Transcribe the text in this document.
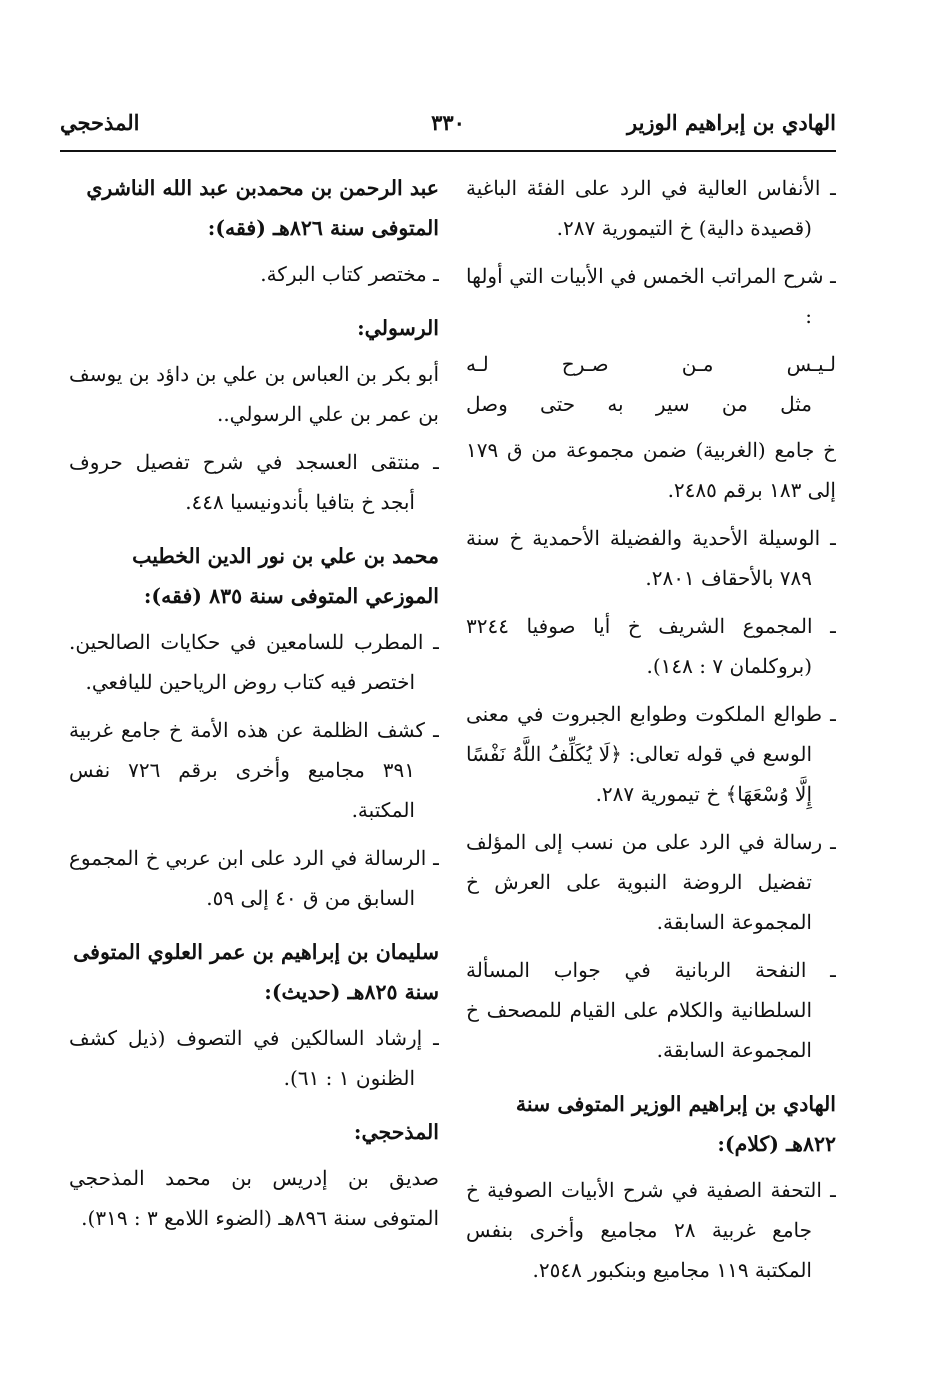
الهادي بن إبراهيم الوزير
٣٣٠
المذحجي

ـ الأنفاس العالية في الرد على الفئة الباغية (قصيدة دالية) خ التيمورية ٢٨٧.

ـ شرح المراتب الخمس في الأبيات التي أولها :

لـيـس مـن صـرح لـه
مثل من سير به حتى وصل

خ جامع (الغربية) ضمن مجموعة من ق ١٧٩ إلى ١٨٣ برقم ٢٤٨٥.

ـ الوسيلة الأحدية والفضيلة الأحمدية خ سنة ٧٨٩ بالأحقاف ٢٨٠١.

ـ المجموع الشريف خ أيا صوفيا ٣٢٤٤ (بروكلمان ٧ : ١٤٨).

ـ طوالع الملكوت وطوابع الجبروت في معنى الوسع في قوله تعالى: ﴿لَا يُكَلِّفُ اللَّهُ نَفْسًا إِلَّا وُسْعَهَا﴾ خ تيمورية ٢٨٧.

ـ رسالة في الرد على من نسب إلى المؤلف تفضيل الروضة النبوية على العرش خ المجموعة السابقة.

ـ النفحة الربانية في جواب المسألة السلطانية والكلام على القيام للمصحف خ المجموعة السابقة.

الهادي بن إبراهيم الوزير المتوفى سنة ٨٢٢هـ (كلام):

ـ التحفة الصفية في شرح الأبيات الصوفية خ جامع غربية ٢٨ مجاميع وأخرى بنفس المكتبة ١١٩ مجاميع وبنكبور ٢٥٤٨.

عبد الرحمن بن محمدبن عبد الله الناشري المتوفى سنة ٨٢٦هـ (فقه):

ـ مختصر كتاب البركة.

الرسولي:

أبو بكر بن العباس بن علي بن داؤد بن يوسف بن عمر بن علي الرسولي..

ـ منتقى العسجد في شرح تفصيل حروف أبجد خ بتافيا بأندونيسيا ٤٤٨.

محمد بن علي بن نور الدين الخطيب الموزعي المتوفى سنة ٨٣٥ (فقه):

ـ المطرب للسامعين في حكايات الصالحين. اختصر فيه كتاب روض الرياحين لليافعي.

ـ كشف الظلمة عن هذه الأمة خ جامع غربية ٣٩١ مجاميع وأخرى برقم ٧٢٦ نفس المكتبة.

ـ الرسالة في الرد على ابن عربي خ المجموع السابق من ق ٤٠ إلى ٥٩.

سليمان بن إبراهيم بن عمر العلوي المتوفى سنة ٨٢٥هـ (حديث):

ـ إرشاد السالكين في التصوف (ذيل كشف الظنون ١ : ٦١).

المذحجي:

صديق بن إدريس بن محمد المذحجي المتوفى سنة ٨٩٦هـ (الضوء اللامع ٣ : ٣١٩).
